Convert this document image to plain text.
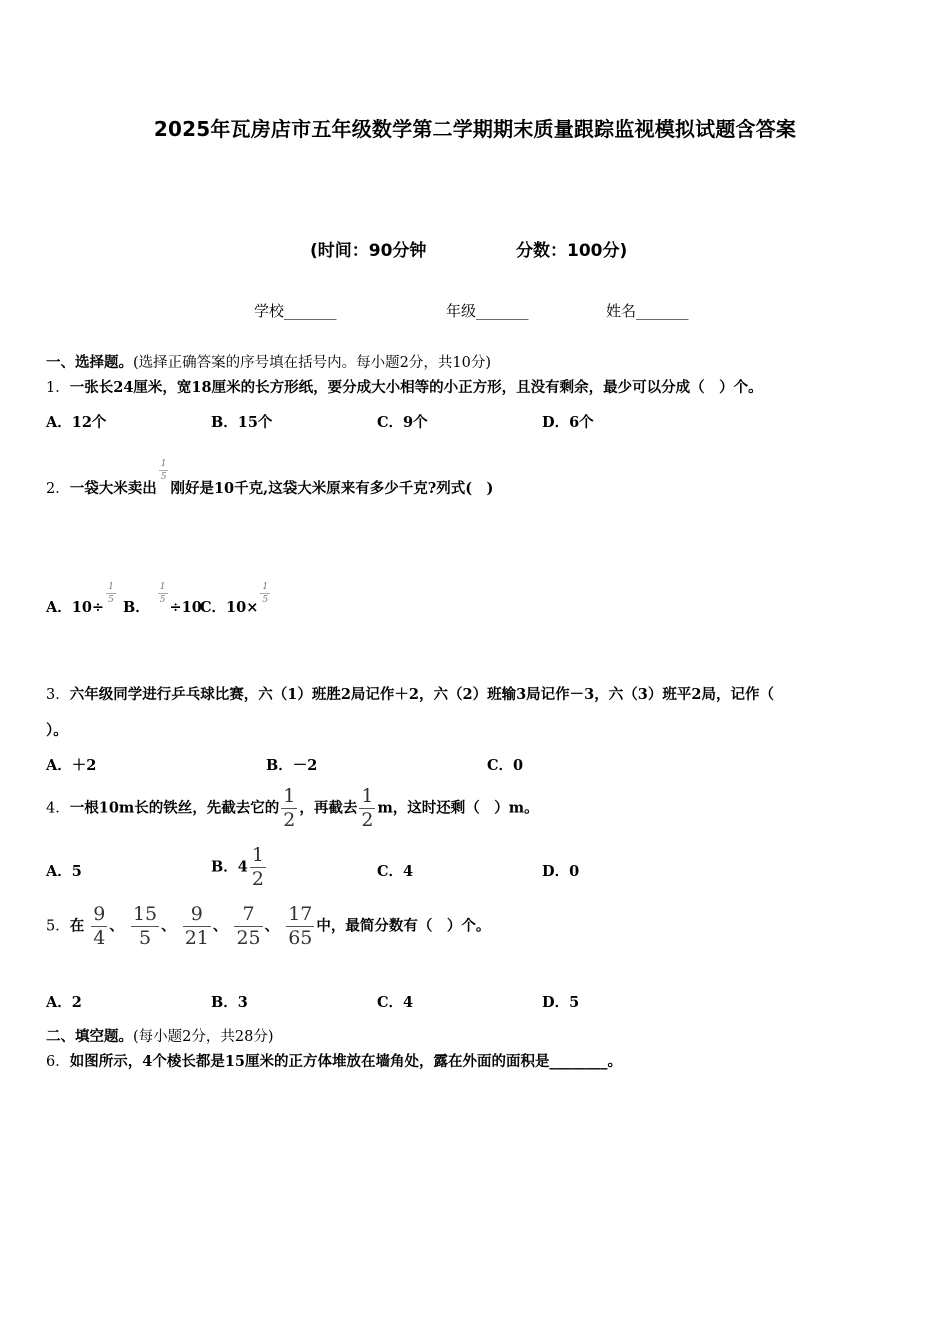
2025年瓦房店市五年级数学第二学期期末质量跟踪监视模拟试题含答案
(时间：90分钟	分数：100分)
学校_______	年级_______	姓名_______
一、选择题。(选择正确答案的序号填在括号内。每小题2分，共10分)
1．一张长24厘米，宽18厘米的长方形纸，要分成大小相等的小正方形，且没有剩余，最少可以分成（　）个。
A．12个	B．15个	C．9个	D．6个
2．一袋大米卖出
$\frac{1}{5}$
刚好是10千克,这袋大米原来有多少千克?列式(　)
A．10÷
$\frac{1}{5}$
B．
$\frac{1}{5}$
÷10
C．10×
$\frac{1}{5}$
3．六年级同学进行乒乓球比赛，六（1）班胜2局记作＋2，六（2）班输3局记作－3，六（3）班平2局，记作（
）。
A．＋2	B．－2	C．0
4．一根10m长的铁丝，先截去它的 $\frac{1}{2}$ ，再截去 $\frac{1}{2}$ m，这时还剩（　）m。
A．5	B．$4 \frac{1}{2}$	C．4	D．0
5．在 $\frac{9}{4}$ 、 $\frac{15}{5}$ 、 $\frac{9}{21}$ 、 $\frac{7}{25}$ 、 $\frac{17}{65}$ 中，最简分数有（　）个。
A．2	B．3	C．4	D．5
二、填空题。(每小题2分，共28分)
6．如图所示，4个棱长都是15厘米的正方体堆放在墙角处，露在外面的面积是________。
